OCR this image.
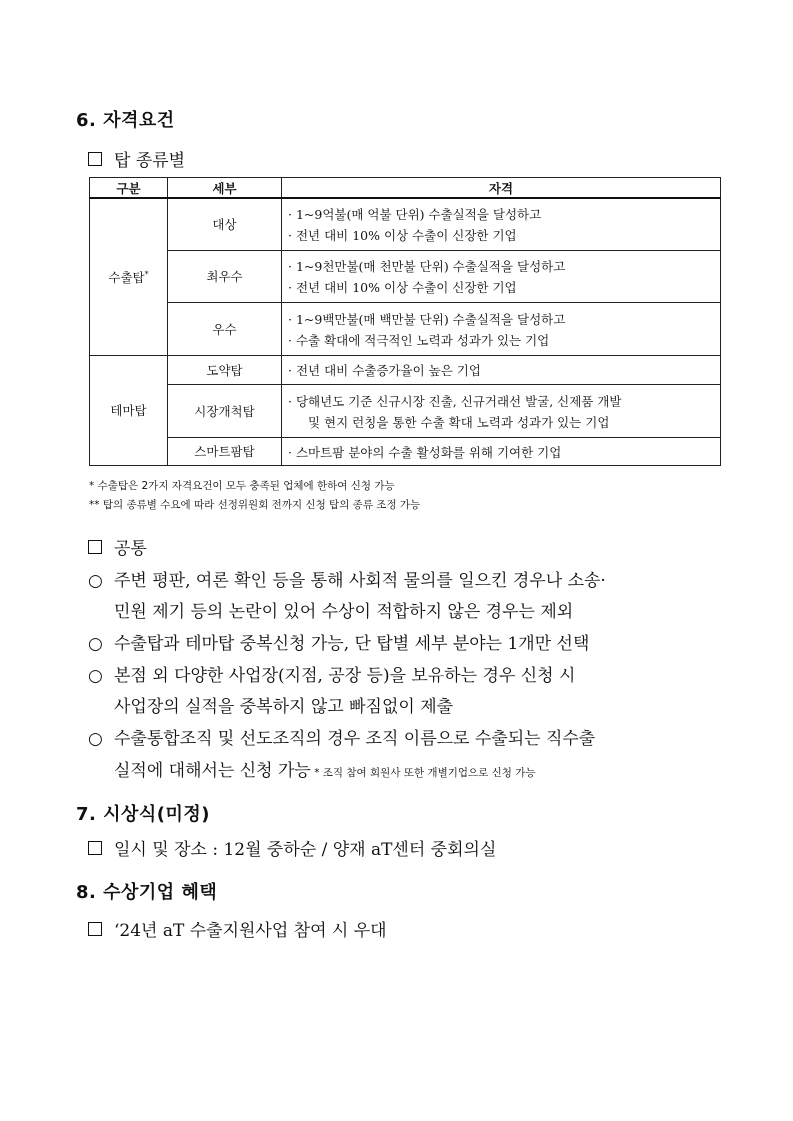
6. 자격요건
탑 종류별
구분	세부	자격
수출탑*	대상	· 1~9억불(매 억불 단위) 수출실적을 달성하고
· 전년 대비 10% 이상 수출이 신장한 기업

	최우수	· 1~9천만불(매 천만불 단위) 수출실적을 달성하고
· 전년 대비 10% 이상 수출이 신장한 기업

	우수	· 1~9백만불(매 백만불 단위) 수출실적을 달성하고
· 수출 확대에 적극적인 노력과 성과가 있는 기업

테마탑	도약탑	· 전년 대비 수출증가율이 높은 기업

	시장개척탑	· 당해년도 기준 신규시장 진출, 신규거래선 발굴, 신제품 개발
및 현지 런칭을 통한 수출 확대 노력과 성과가 있는 기업

	스마트팜탑	· 스마트팜 분야의 수출 활성화를 위해 기여한 기업
* 수출탑은 2가지 자격요건이 모두 충족된 업체에 한하여 신청 가능
** 탑의 종류별 수요에 따라 선정위원회 전까지 신청 탑의 종류 조정 가능
공통
○ 주변 평판, 여론 확인 등을 통해 사회적 물의를 일으킨 경우나 소송·
민원 제기 등의 논란이 있어 수상이 적합하지 않은 경우는 제외
○ 수출탑과 테마탑 중복신청 가능, 단 탑별 세부 분야는 1개만 선택
○ 본점 외 다양한 사업장(지점, 공장 등)을 보유하는 경우 신청 시
사업장의 실적을 중복하지 않고 빠짐없이 제출
○ 수출통합조직 및 선도조직의 경우 조직 이름으로 수출되는 직수출
실적에 대해서는 신청 가능 * 조직 참여 회원사 또한 개별기업으로 신청 가능
7. 시상식(미정)
일시 및 장소 : 12월 중하순 / 양재 aT센터 중회의실
8. 수상기업 혜택
‘24년 aT 수출지원사업 참여 시 우대
